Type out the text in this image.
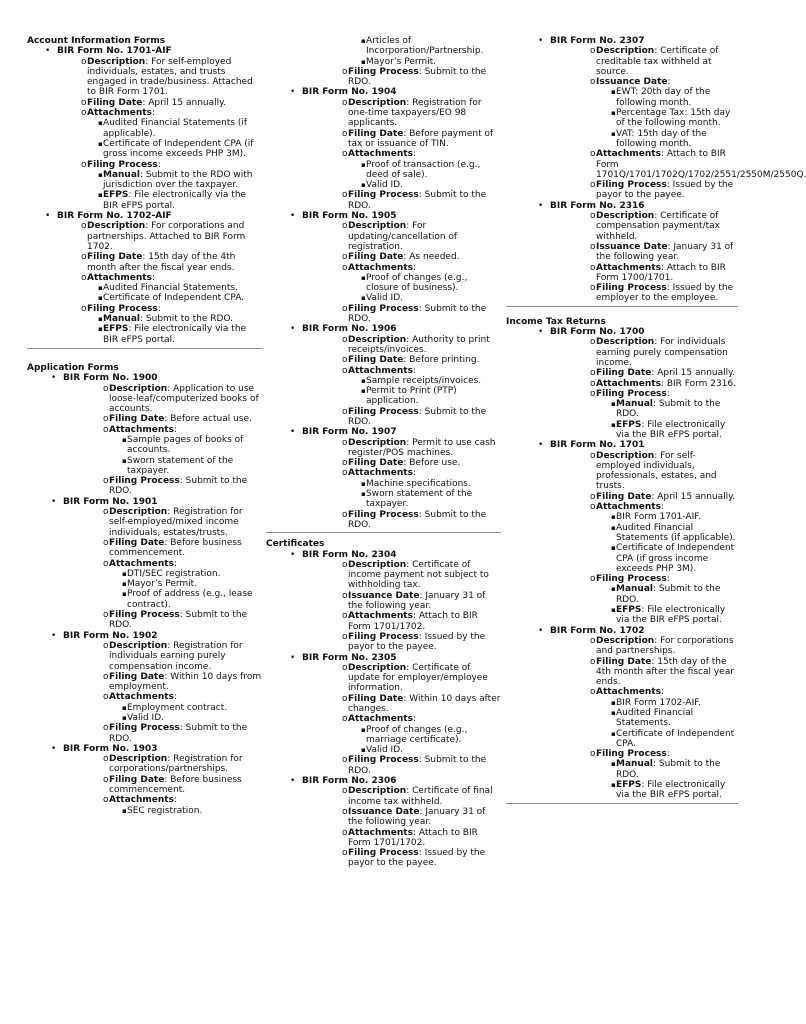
Account Information Forms
• BIR Form No. 1701-AIF
o Description: For self-employed individuals, estates, and trusts engaged in trade/business. Attached to BIR Form 1701.
o Filing Date: April 15 annually.
o Attachments:
▪ Audited Financial Statements (if applicable).
▪ Certificate of Independent CPA (if gross income exceeds PHP 3M).
o Filing Process:
▪ Manual: Submit to the RDO with jurisdiction over the taxpayer.
▪ EFPS: File electronically via the BIR eFPS portal.
• BIR Form No. 1702-AIF
o Description: For corporations and partnerships. Attached to BIR Form 1702.
o Filing Date: 15th day of the 4th month after the fiscal year ends.
o Attachments:
▪ Audited Financial Statements.
▪ Certificate of Independent CPA.
o Filing Process:
▪ Manual: Submit to the RDO.
▪ EFPS: File electronically via the BIR eFPS portal.
Application Forms
• BIR Form No. 1900
o Description: Application to use loose-leaf/computerized books of accounts.
o Filing Date: Before actual use.
o Attachments:
▪ Sample pages of books of accounts.
▪ Sworn statement of the taxpayer.
o Filing Process: Submit to the RDO.
• BIR Form No. 1901
o Description: Registration for self-employed/mixed income individuals, estates/trusts.
o Filing Date: Before business commencement.
o Attachments:
▪ DTI/SEC registration.
▪ Mayor’s Permit.
▪ Proof of address (e.g., lease contract).
o Filing Process: Submit to the RDO.
• BIR Form No. 1902
o Description: Registration for individuals earning purely compensation income.
o Filing Date: Within 10 days from employment.
o Attachments:
▪ Employment contract.
▪ Valid ID.
o Filing Process: Submit to the RDO.
• BIR Form No. 1903
o Description: Registration for corporations/partnerships.
o Filing Date: Before business commencement.
o Attachments:
▪ SEC registration.
▪ Articles of Incorporation/Partnership.
▪ Mayor’s Permit.
o Filing Process: Submit to the RDO.
• BIR Form No. 1904
o Description: Registration for one-time taxpayers/EO 98 applicants.
o Filing Date: Before payment of tax or issuance of TIN.
o Attachments:
▪ Proof of transaction (e.g., deed of sale).
▪ Valid ID.
o Filing Process: Submit to the RDO.
• BIR Form No. 1905
o Description: For updating/cancellation of registration.
o Filing Date: As needed.
o Attachments:
▪ Proof of changes (e.g., closure of business).
▪ Valid ID.
o Filing Process: Submit to the RDO.
• BIR Form No. 1906
o Description: Authority to print receipts/invoices.
o Filing Date: Before printing.
o Attachments:
▪ Sample receipts/invoices.
▪ Permit to Print (PTP) application.
o Filing Process: Submit to the RDO.
• BIR Form No. 1907
o Description: Permit to use cash register/POS machines.
o Filing Date: Before use.
o Attachments:
▪ Machine specifications.
▪ Sworn statement of the taxpayer.
o Filing Process: Submit to the RDO.
Certificates
• BIR Form No. 2304
o Description: Certificate of income payment not subject to withholding tax.
o Issuance Date: January 31 of the following year.
o Attachments: Attach to BIR Form 1701/1702.
o Filing Process: Issued by the payor to the payee.
• BIR Form No. 2305
o Description: Certificate of update for employer/employee information.
o Filing Date: Within 10 days after changes.
o Attachments:
▪ Proof of changes (e.g., marriage certificate).
▪ Valid ID.
o Filing Process: Submit to the RDO.
• BIR Form No. 2306
o Description: Certificate of final income tax withheld.
o Issuance Date: January 31 of the following year.
o Attachments: Attach to BIR Form 1701/1702.
o Filing Process: Issued by the payor to the payee.
• BIR Form No. 2307
o Description: Certificate of creditable tax withheld at source.
o Issuance Date:
▪ EWT: 20th day of the following month.
▪ Percentage Tax: 15th day of the following month.
▪ VAT: 15th day of the following month.
o Attachments: Attach to BIR Form 1701Q/1701/1702Q/1702/2551/2550M/2550Q.
o Filing Process: Issued by the payor to the payee.
• BIR Form No. 2316
o Description: Certificate of compensation payment/tax withheld.
o Issuance Date: January 31 of the following year.
o Attachments: Attach to BIR Form 1700/1701.
o Filing Process: Issued by the employer to the employee.
Income Tax Returns
• BIR Form No. 1700
o Description: For individuals earning purely compensation income.
o Filing Date: April 15 annually.
o Attachments: BIR Form 2316.
o Filing Process:
▪ Manual: Submit to the RDO.
▪ EFPS: File electronically via the BIR eFPS portal.
• BIR Form No. 1701
o Description: For self-employed individuals, professionals, estates, and trusts.
o Filing Date: April 15 annually.
o Attachments:
▪ BIR Form 1701-AIF.
▪ Audited Financial Statements (if applicable).
▪ Certificate of Independent CPA (if gross income exceeds PHP 3M).
o Filing Process:
▪ Manual: Submit to the RDO.
▪ EFPS: File electronically via the BIR eFPS portal.
• BIR Form No. 1702
o Description: For corporations and partnerships.
o Filing Date: 15th day of the 4th month after the fiscal year ends.
o Attachments:
▪ BIR Form 1702-AIF.
▪ Audited Financial Statements.
▪ Certificate of Independent CPA.
o Filing Process:
▪ Manual: Submit to the RDO.
▪ EFPS: File electronically via the BIR eFPS portal.
